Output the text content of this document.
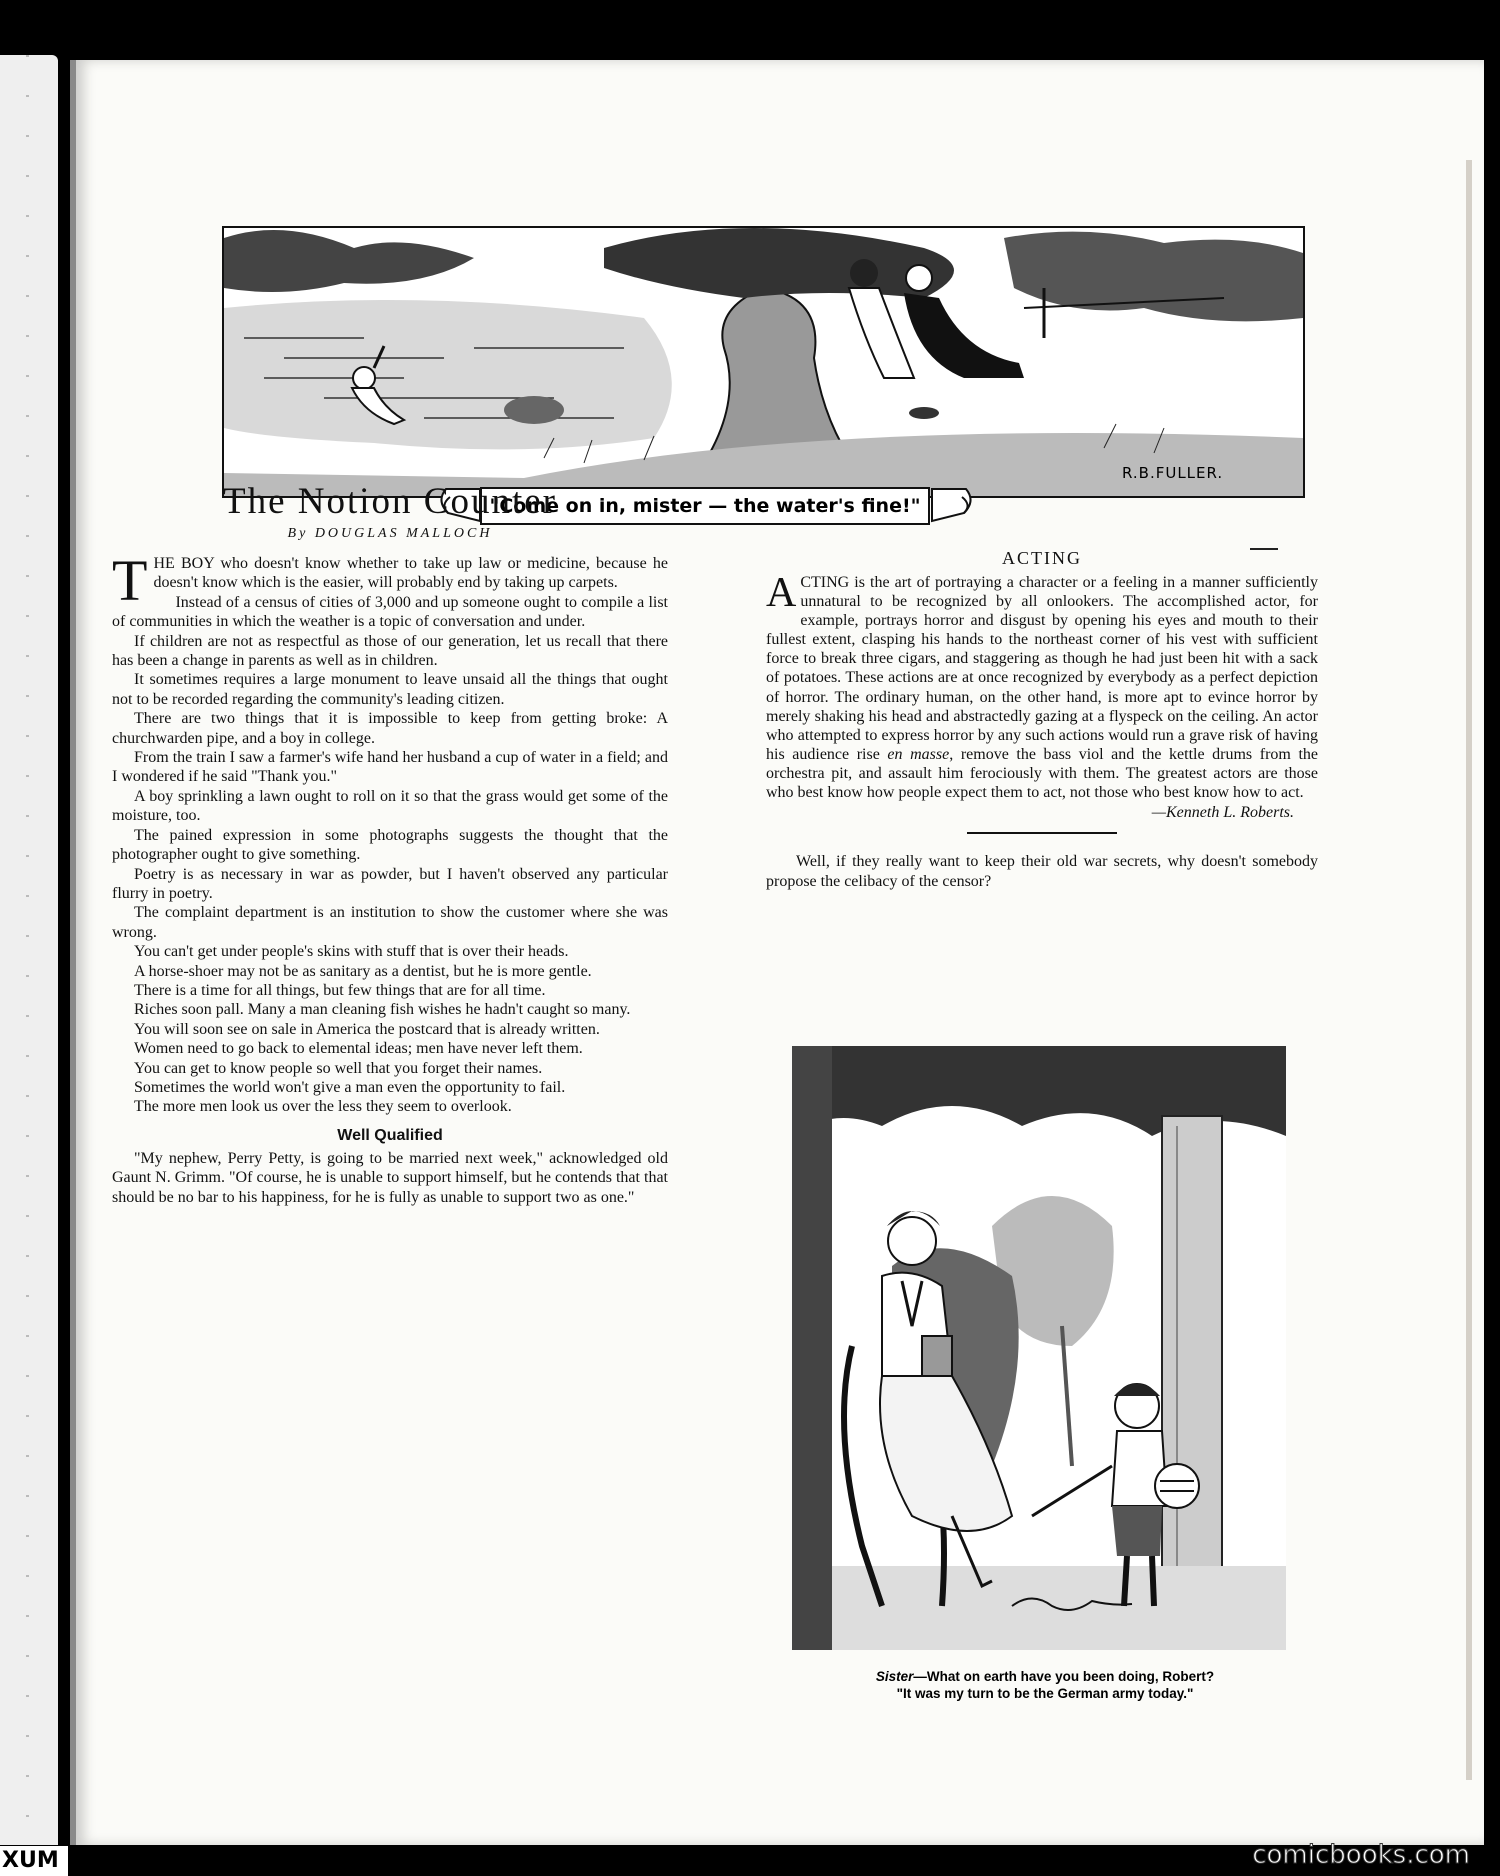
R.B.FULLER.
"Come on in, mister — the water's fine!"
The Notion Counter
By DOUGLAS MALLOCH

THE BOY who doesn't know whether to take up law or medicine, because he doesn't know which is the easier, will probably end by taking up carpets.

Instead of a census of cities of 3,000 and up someone ought to compile a list of communities in which the weather is a topic of conversation and under.

If children are not as respectful as those of our generation, let us recall that there has been a change in parents as well as in children.

It sometimes requires a large monument to leave unsaid all the things that ought not to be recorded regarding the community's leading citizen.

There are two things that it is impossible to keep from getting broke: A churchwarden pipe, and a boy in college.

From the train I saw a farmer's wife hand her husband a cup of water in a field; and I wondered if he said "Thank you."

A boy sprinkling a lawn ought to roll on it so that the grass would get some of the moisture, too.

The pained expression in some photographs suggests the thought that the photographer ought to give something.

Poetry is as necessary in war as powder, but I haven't observed any particular flurry in poetry.

The complaint department is an institution to show the customer where she was wrong.

You can't get under people's skins with stuff that is over their heads.

A horse-shoer may not be as sanitary as a dentist, but he is more gentle.

There is a time for all things, but few things that are for all time.

Riches soon pall. Many a man cleaning fish wishes he hadn't caught so many.

You will soon see on sale in America the postcard that is already written.

Women need to go back to elemental ideas; men have never left them.

You can get to know people so well that you forget their names.

Sometimes the world won't give a man even the opportunity to fail.

The more men look us over the less they seem to overlook.

Well Qualified

"My nephew, Perry Petty, is going to be married next week," acknowledged old Gaunt N. Grimm. "Of course, he is unable to support himself, but he contends that that should be no bar to his happiness, for he is fully as unable to support two as one."

ACTING

ACTING is the art of portraying a character or a feeling in a manner sufficiently unnatural to be recognized by all onlookers. The accomplished actor, for example, portrays horror and disgust by opening his eyes and mouth to their fullest extent, clasping his hands to the northeast corner of his vest with sufficient force to break three cigars, and staggering as though he had just been hit with a sack of potatoes. These actions are at once recognized by everybody as a perfect depiction of horror. The ordinary human, on the other hand, is more apt to evince horror by merely shaking his head and abstractedly gazing at a flyspeck on the ceiling. An actor who attempted to express horror by any such actions would run a grave risk of having his audience rise en masse, remove the bass viol and the kettle drums from the orchestra pit, and assault him ferociously with them. The greatest actors are those who best know how people expect them to act, not those who best know how to act.

—Kenneth L. Roberts.

Well, if they really want to keep their old war secrets, why doesn't somebody propose the celibacy of the censor?

Sister—What on earth have you been doing, Robert?
"It was my turn to be the German army today."
comicbooks.com
XUM
